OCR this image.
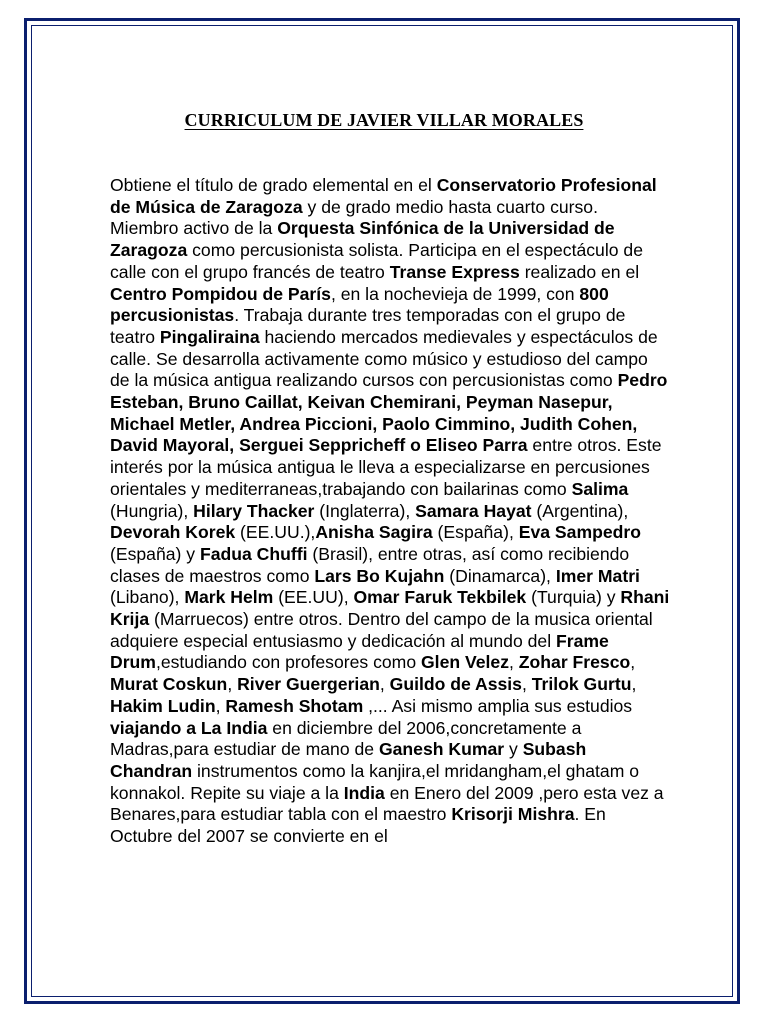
CURRICULUM DE JAVIER VILLAR MORALES

Obtiene el título de grado elemental en el Conservatorio Profesional de Música de Zaragoza y de grado medio hasta cuarto curso. Miembro activo de la Orquesta Sinfónica de la Universidad de Zaragoza como percusionista solista. Participa en el espectáculo de calle con el grupo francés de teatro Transe Express realizado en el Centro Pompidou de París, en la nochevieja de 1999, con 800 percusionistas. Trabaja durante tres temporadas con el grupo de teatro Pingaliraina haciendo mercados medievales y espectáculos de calle. Se desarrolla activamente como músico y estudioso del campo de la música antigua realizando cursos con percusionistas como Pedro Esteban, Bruno Caillat, Keivan Chemirani, Peyman Nasepur, Michael Metler, Andrea Piccioni, Paolo Cimmino, Judith Cohen, David Mayoral, Serguei Seppricheff o Eliseo Parra entre otros. Este interés por la música antigua le lleva a especializarse en percusiones orientales y mediterraneas,trabajando con bailarinas como Salima (Hungria), Hilary Thacker (Inglaterra), Samara Hayat (Argentina), Devorah Korek (EE.UU.),Anisha Sagira (España), Eva Sampedro (España) y Fadua Chuffi (Brasil), entre otras, así como recibiendo clases de maestros como Lars Bo Kujahn (Dinamarca), Imer Matri (Libano), Mark Helm (EE.UU), Omar Faruk Tekbilek (Turquia) y Rhani Krija (Marruecos) entre otros. Dentro del campo de la musica oriental adquiere especial entusiasmo y dedicación al mundo del Frame Drum,estudiando con profesores como Glen Velez, Zohar Fresco, Murat Coskun, River Guergerian, Guildo de Assis, Trilok Gurtu, Hakim Ludin, Ramesh Shotam ,... Asi mismo amplia sus estudios viajando a La India en diciembre del 2006,concretamente a Madras,para estudiar de mano de Ganesh Kumar y Subash Chandran instrumentos como la kanjira,el mridangham,el ghatam o konnakol. Repite su viaje a la India en Enero del 2009 ,pero esta vez a Benares,para estudiar tabla con el maestro Krisorji Mishra. En Octubre del 2007 se convierte en el
